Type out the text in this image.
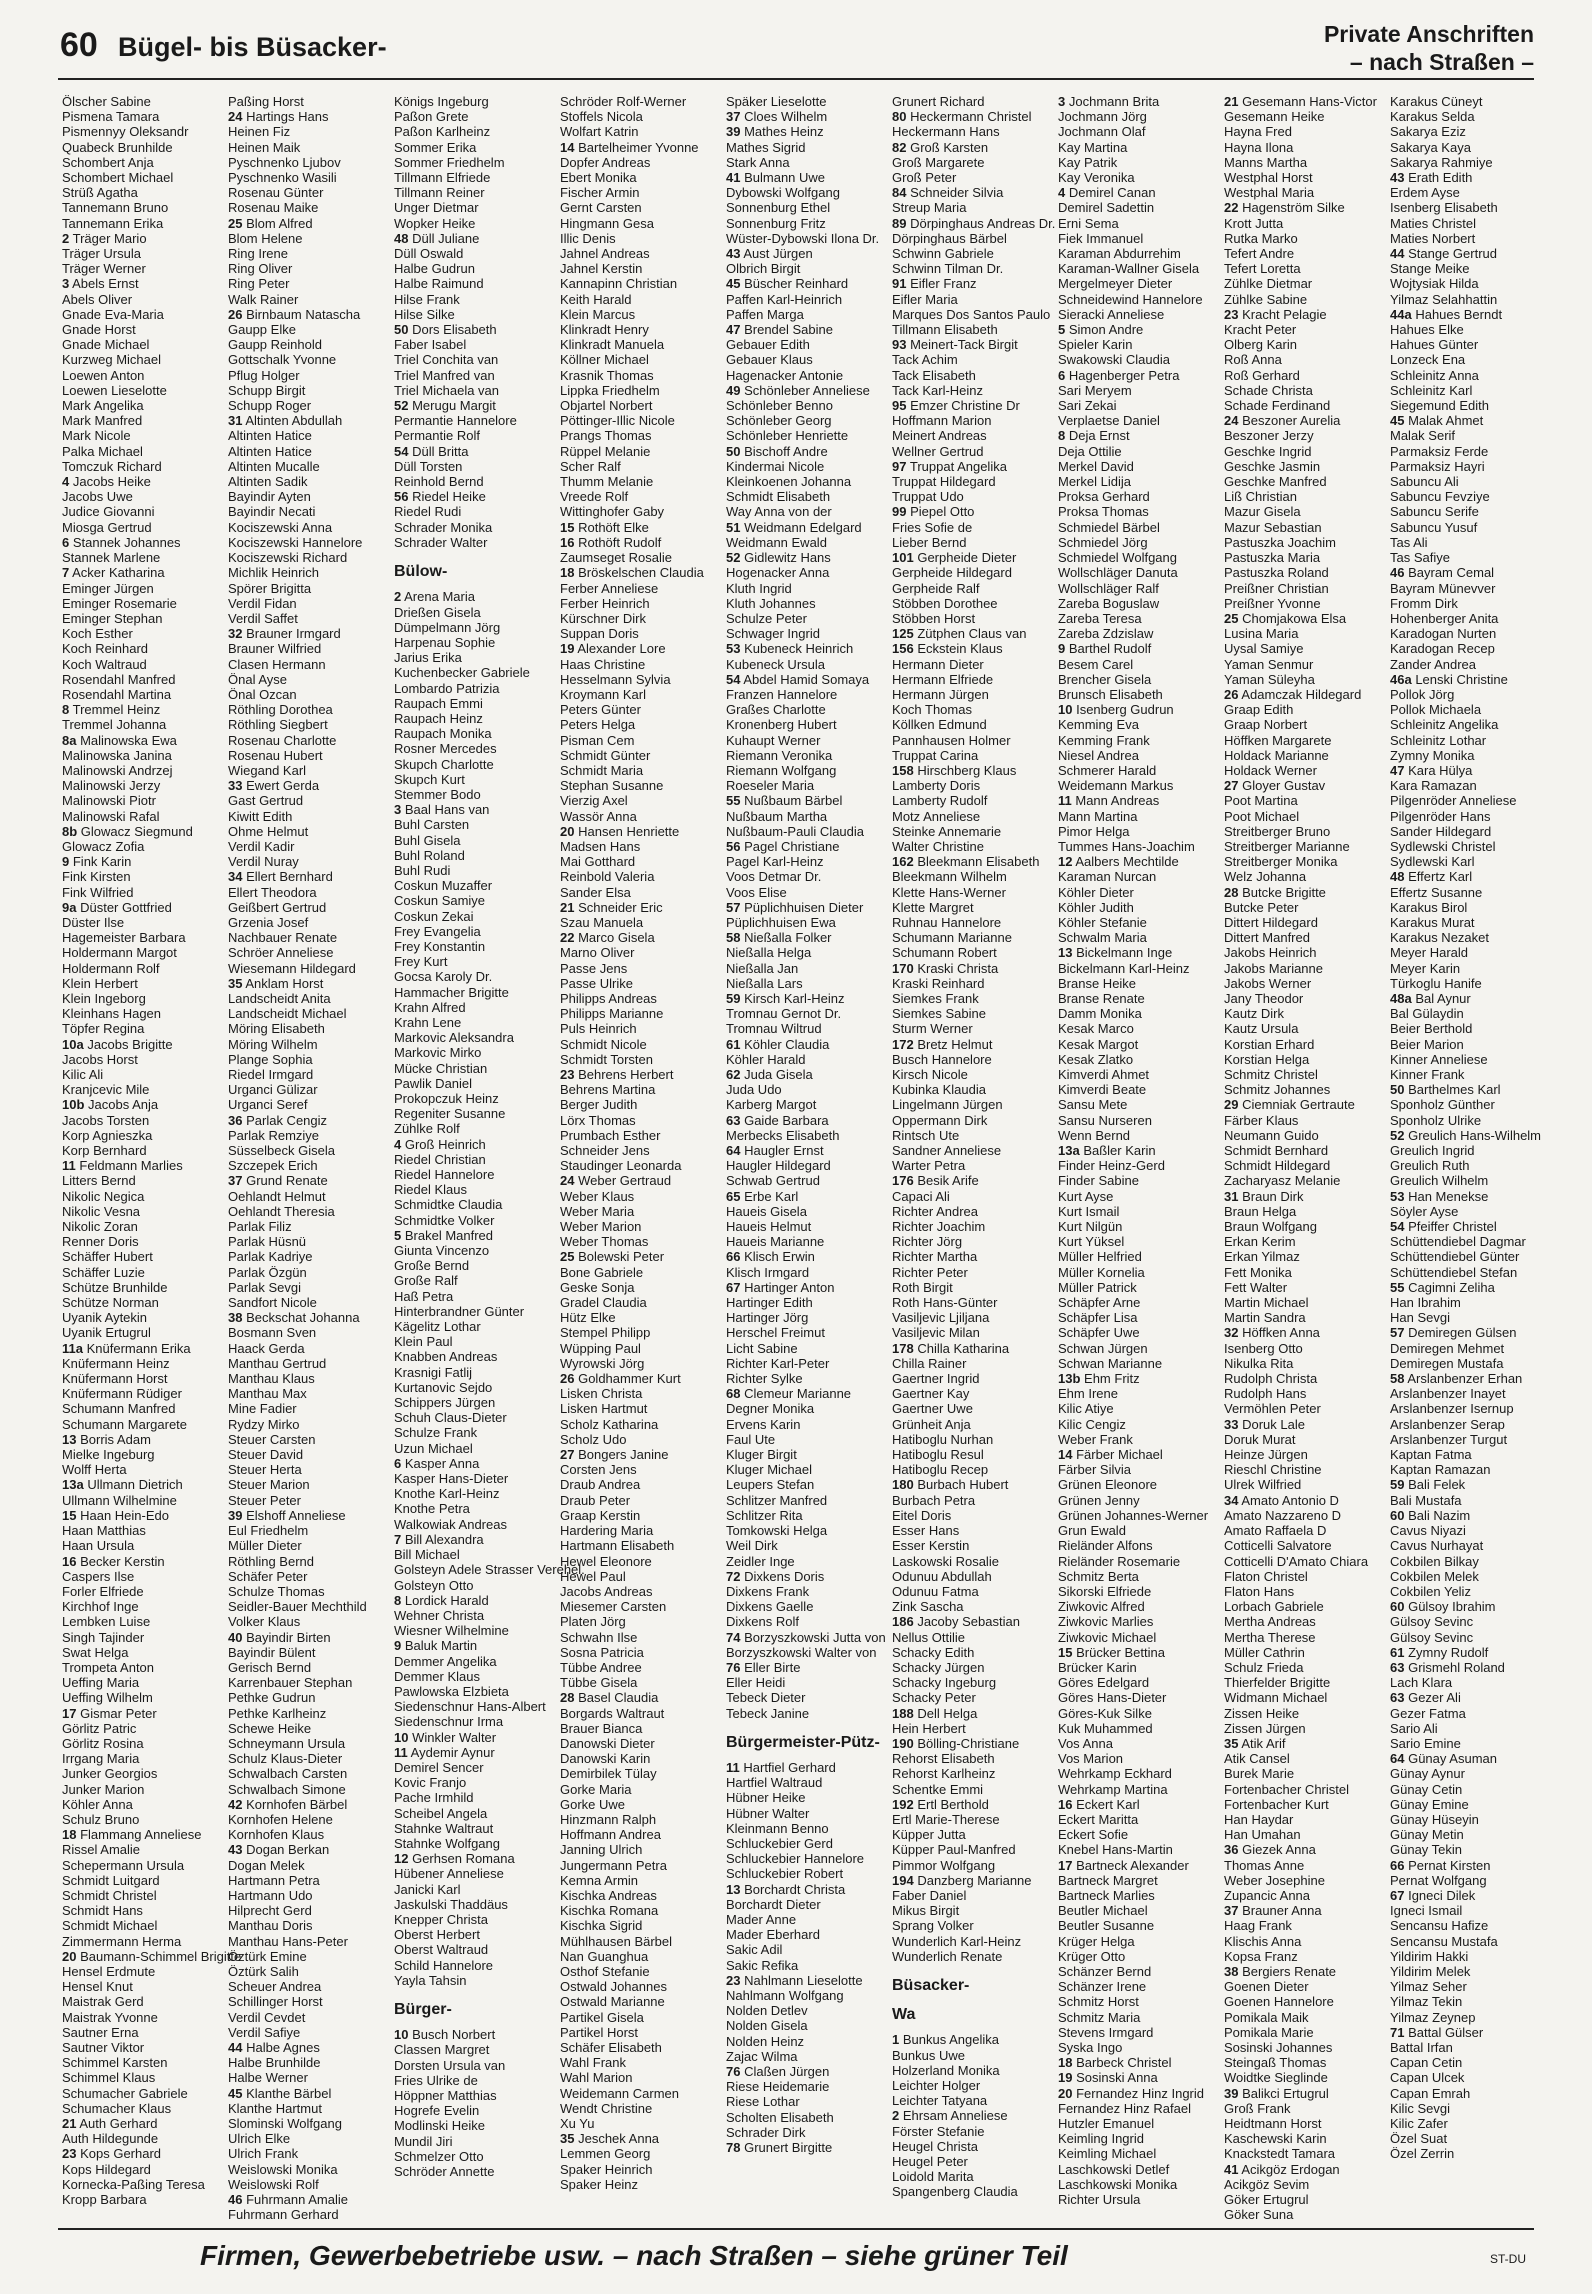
60 Bügel- bis Büsacker-	Private Anschriften
– nach Straßen –
Ölscher Sabine
Pismena Tamara
Pismennyy Oleksandr
Quabeck Brunhilde
Schombert Anja
Schombert Michael
Strüß Agatha
Tannemann Bruno
Tannemann Erika
2 Träger Mario
Träger Ursula
Träger Werner
3 Abels Ernst
Abels Oliver
Gnade Eva-Maria
Gnade Horst
Gnade Michael
Kurzweg Michael
Loewen Anton
Loewen Lieselotte
Mark Angelika
Mark Manfred
Mark Nicole
Palka Michael
Tomczuk Richard
4 Jacobs Heike
Jacobs Uwe
Judice Giovanni
Miosga Gertrud
6 Stannek Johannes
Stannek Marlene
7 Acker Katharina
Eminger Jürgen
Eminger Rosemarie
Eminger Stephan
Koch Esther
Koch Reinhard
Koch Waltraud
Rosendahl Manfred
Rosendahl Martina
8 Tremmel Heinz
Tremmel Johanna
8a Malinowska Ewa
Malinowska Janina
Malinowski Andrzej
Malinowski Jerzy
Malinowski Piotr
Malinowski Rafal
8b Glowacz Siegmund
Glowacz Zofia
9 Fink Karin
Fink Kirsten
Fink Wilfried
9a Düster Gottfried
Düster Ilse
Hagemeister Barbara
Holdermann Margot
Holdermann Rolf
Klein Herbert
Klein Ingeborg
Kleinhans Hagen
Töpfer Regina
10a Jacobs Brigitte
Jacobs Horst
Kilic Ali
Kranjcevic Mile
10b Jacobs Anja
Jacobs Torsten
Korp Agnieszka
Korp Bernhard
11 Feldmann Marlies
Litters Bernd
Nikolic Negica
Nikolic Vesna
Nikolic Zoran
Renner Doris
Schäffer Hubert
Schäffer Luzie
Schütze Brunhilde
Schütze Norman
Uyanik Aytekin
Uyanik Ertugrul
11a Knüfermann Erika
Knüfermann Heinz
Knüfermann Horst
Knüfermann Rüdiger
Schumann Manfred
Schumann Margarete
13 Borris Adam
Mielke Ingeburg
Wolff Herta
13a Ullmann Dietrich
Ullmann Wilhelmine
15 Haan Hein-Edo
Haan Matthias
Haan Ursula
16 Becker Kerstin
Caspers Ilse
Forler Elfriede
Kirchhof Inge
Lembken Luise
Singh Tajinder
Swat Helga
Trompeta Anton
Ueffing Maria
Ueffing Wilhelm
17 Gismar Peter
Görlitz Patric
Görlitz Rosina
Irrgang Maria
Junker Georgios
Junker Marion
Köhler Anna
Schulz Bruno
18 Flammang Anneliese
Rissel Amalie
Schepermann Ursula
Schmidt Luitgard
Schmidt Christel
Schmidt Hans
Schmidt Michael
Zimmermann Herma
20 Baumann-Schimmel Brigitte
Hensel Erdmute
Hensel Knut
Maistrak Gerd
Maistrak Yvonne
Sautner Erna
Sautner Viktor
Schimmel Karsten
Schimmel Klaus
Schumacher Gabriele
Schumacher Klaus
21 Auth Gerhard
Auth Hildegunde
23 Kops Gerhard
Kops Hildegard
Kornecka-Paßing Teresa
Kropp Barbara
Paßing Horst
24 Hartings Hans
Heinen Fiz
Heinen Maik
Pyschnenko Ljubov
Pyschnenko Wasili
Rosenau Günter
Rosenau Maike
25 Blom Alfred
Blom Helene
Ring Irene
Ring Oliver
Ring Peter
Walk Rainer
26 Birnbaum Natascha
Gaupp Elke
Gaupp Reinhold
Gottschalk Yvonne
Pflug Holger
Schupp Birgit
Schupp Roger
31 Altinten Abdullah
Altinten Hatice
Altinten Hatice
Altinten Mucalle
Altinten Sadik
Bayindir Ayten
Bayindir Necati
Kociszewski Anna
Kociszewski Hannelore
Kociszewski Richard
Michlik Heinrich
Spörer Brigitta
Verdil Fidan
Verdil Saffet
32 Brauner Irmgard
Brauner Wilfried
Clasen Hermann
Önal Ayse
Önal Ozcan
Röthling Dorothea
Röthling Siegbert
Rosenau Charlotte
Rosenau Hubert
Wiegand Karl
33 Ewert Gerda
Gast Gertrud
Kiwitt Edith
Ohme Helmut
Verdil Kadir
Verdil Nuray
34 Ellert Bernhard
Ellert Theodora
Geißbert Gertrud
Grzenia Josef
Nachbauer Renate
Schröer Anneliese
Wiesemann Hildegard
35 Anklam Horst
Landscheidt Anita
Landscheidt Michael
Möring Elisabeth
Möring Wilhelm
Plange Sophia
Riedel Irmgard
Urganci Gülizar
Urganci Seref
36 Parlak Cengiz
Parlak Remziye
Süsselbeck Gisela
Szczepek Erich
37 Grund Renate
Oehlandt Helmut
Oehlandt Theresia
Parlak Filiz
Parlak Hüsnü
Parlak Kadriye
Parlak Özgün
Parlak Sevgi
Sandfort Nicole
38 Beckschat Johanna
Bosmann Sven
Haack Gerda
Manthau Gertrud
Manthau Klaus
Manthau Max
Mine Fadier
Rydzy Mirko
Steuer Carsten
Steuer David
Steuer Herta
Steuer Marion
Steuer Peter
39 Elshoff Anneliese
Eul Friedhelm
Müller Dieter
Röthling Bernd
Schäfer Peter
Schulze Thomas
Seidler-Bauer Mechthild
Volker Klaus
40 Bayindir Birten
Bayindir Bülent
Gerisch Bernd
Karrenbauer Stephan
Pethke Gudrun
Pethke Karlheinz
Schewe Heike
Schneymann Ursula
Schulz Klaus-Dieter
Schwalbach Carsten
Schwalbach Simone
42 Kornhofen Bärbel
Kornhofen Helene
Kornhofen Klaus
43 Dogan Berkan
Dogan Melek
Hartmann Petra
Hartmann Udo
Hilprecht Gerd
Manthau Doris
Manthau Hans-Peter
Öztürk Emine
Öztürk Salih
Scheuer Andrea
Schillinger Horst
Verdil Cevdet
Verdil Safiye
44 Halbe Agnes
Halbe Brunhilde
Halbe Werner
45 Klanthe Bärbel
Klanthe Hartmut
Slominski Wolfgang
Ulrich Elke
Ulrich Frank
Weislowski Monika
Weislowski Rolf
46 Fuhrmann Amalie
Fuhrmann Gerhard
Königs Ingeburg
Paßon Grete
Paßon Karlheinz
Sommer Erika
Sommer Friedhelm
Tillmann Elfriede
Tillmann Reiner
Unger Dietmar
Wopker Heike
48 Düll Juliane
Düll Oswald
Halbe Gudrun
Halbe Raimund
Hilse Frank
Hilse Silke
50 Dors Elisabeth
Faber Isabel
Triel Conchita van
Triel Manfred van
Triel Michaela van
52 Merugu Margit
Permantie Hannelore
Permantie Rolf
54 Düll Britta
Düll Torsten
Reinhold Bernd
56 Riedel Heike
Riedel Rudi
Schrader Monika
Schrader Walter
Bülow-
2 Arena Maria
Drießen Gisela
Dümpelmann Jörg
Harpenau Sophie
Jarius Erika
Kuchenbecker Gabriele
Lombardo Patrizia
Raupach Emmi
Raupach Heinz
Raupach Monika
Rosner Mercedes
Skupch Charlotte
Skupch Kurt
Stemmer Bodo
3 Baal Hans van
Buhl Carsten
Buhl Gisela
Buhl Roland
Buhl Rudi
Coskun Muzaffer
Coskun Samiye
Coskun Zekai
Frey Evangelia
Frey Konstantin
Frey Kurt
Gocsa Karoly Dr.
Hammacher Brigitte
Krahn Alfred
Krahn Lene
Markovic Aleksandra
Markovic Mirko
Mücke Christian
Pawlik Daniel
Prokopczuk Heinz
Regeniter Susanne
Zühlke Rolf
4 Groß Heinrich
Riedel Christian
Riedel Hannelore
Riedel Klaus
Schmidtke Claudia
Schmidtke Volker
5 Brakel Manfred
Giunta Vincenzo
Große Bernd
Große Ralf
Haß Petra
Hinterbrandner Günter
Kägelitz Lothar
Klein Paul
Knabben Andreas
Krasnigi Fatlij
Kurtanovic Sejdo
Schippers Jürgen
Schuh Claus-Dieter
Schulze Frank
Uzun Michael
6 Kasper Anna
Kasper Hans-Dieter
Knothe Karl-Heinz
Knothe Petra
Walkowiak Andreas
7 Bill Alexandra
Bill Michael
Golsteyn Adele Strasser Verehel.
Golsteyn Otto
8 Lordick Harald
Wehner Christa
Wiesner Wilhelmine
9 Baluk Martin
Demmer Angelika
Demmer Klaus
Pawlowska Elzbieta
Siedenschnur Hans-Albert
Siedenschnur Irma
10 Winkler Walter
11 Aydemir Aynur
Demirel Sencer
Kovic Franjo
Pache Irmhild
Scheibel Angela
Stahnke Waltraut
Stahnke Wolfgang
12 Gerhsen Romana
Hübener Anneliese
Janicki Karl
Jaskulski Thaddäus
Knepper Christa
Oberst Herbert
Oberst Waltraud
Schild Hannelore
Yayla Tahsin
Bürger-
10 Busch Norbert
Classen Margret
Dorsten Ursula van
Fries Ulrike de
Höppner Matthias
Hogrefe Evelin
Modlinski Heike
Mundil Jiri
Schmelzer Otto
Schröder Annette
Schröder Rolf-Werner
Stoffels Nicola
Wolfart Katrin
14 Bartelheimer Yvonne
Dopfer Andreas
Ebert Monika
Fischer Armin
Gernt Carsten
Hingmann Gesa
Illic Denis
Jahnel Andreas
Jahnel Kerstin
Kannapinn Christian
Keith Harald
Klein Marcus
Klinkradt Henry
Klinkradt Manuela
Köllner Michael
Krasnik Thomas
Lippka Friedhelm
Objartel Norbert
Pöttinger-Illic Nicole
Prangs Thomas
Rüppel Melanie
Scher Ralf
Thumm Melanie
Vreede Rolf
Wittinghofer Gaby
15 Rothöft Elke
16 Rothöft Rudolf
Zaumseget Rosalie
18 Bröskelschen Claudia
Ferber Anneliese
Ferber Heinrich
Kürschner Dirk
Suppan Doris
19 Alexander Lore
Haas Christine
Hesselmann Sylvia
Kroymann Karl
Peters Günter
Peters Helga
Pisman Cem
Schmidt Günter
Schmidt Maria
Stephan Susanne
Vierzig Axel
Wassör Anna
20 Hansen Henriette
Madsen Hans
Mai Gotthard
Reinbold Valeria
Sander Elsa
21 Schneider Eric
Szau Manuela
22 Marco Gisela
Marno Oliver
Passe Jens
Passe Ulrike
Philipps Andreas
Philipps Marianne
Puls Heinrich
Schmidt Nicole
Schmidt Torsten
23 Behrens Herbert
Behrens Martina
Berger Judith
Lörx Thomas
Prumbach Esther
Schneider Jens
Staudinger Leonarda
24 Weber Gertraud
Weber Klaus
Weber Maria
Weber Marion
Weber Thomas
25 Bolewski Peter
Bone Gabriele
Geske Sonja
Gradel Claudia
Hütz Elke
Stempel Philipp
Wüpping Paul
Wyrowski Jörg
26 Goldhammer Kurt
Lisken Christa
Lisken Hartmut
Scholz Katharina
Scholz Udo
27 Bongers Janine
Corsten Jens
Draub Andrea
Draub Peter
Graap Kerstin
Hardering Maria
Hartmann Elisabeth
Hewel Eleonore
Hewel Paul
Jacobs Andreas
Miesemer Carsten
Platen Jörg
Schwahn Ilse
Sosna Patricia
Tübbe Andree
Tübbe Gisela
28 Basel Claudia
Borgards Waltraut
Brauer Bianca
Danowski Dieter
Danowski Karin
Demirbilek Tülay
Gorke Maria
Gorke Uwe
Hinzmann Ralph
Hoffmann Andrea
Janning Ulrich
Jungermann Petra
Kemna Armin
Kischka Andreas
Kischka Romana
Kischka Sigrid
Mühlhausen Bärbel
Nan Guanghua
Osthof Stefanie
Ostwald Johannes
Ostwald Marianne
Partikel Gisela
Partikel Horst
Schäfer Elisabeth
Wahl Frank
Wahl Marion
Weidemann Carmen
Wendt Christine
Xu Yu
35 Jeschek Anna
Lemmen Georg
Spaker Heinrich
Spaker Heinz
Späker Lieselotte
37 Cloes Wilhelm
39 Mathes Heinz
Mathes Sigrid
Stark Anna
41 Bulmann Uwe
Dybowski Wolfgang
Sonnenburg Ethel
Sonnenburg Fritz
Wüster-Dybowski Ilona Dr.
43 Aust Jürgen
Olbrich Birgit
45 Büscher Reinhard
Paffen Karl-Heinrich
Paffen Marga
47 Brendel Sabine
Gebauer Edith
Gebauer Klaus
Hagenacker Antonie
49 Schönleber Anneliese
Schönleber Benno
Schönleber Georg
Schönleber Henriette
50 Bischoff Andre
Kindermai Nicole
Kleinkoenen Johanna
Schmidt Elisabeth
Way Anna von der
51 Weidmann Edelgard
Weidmann Ewald
52 Gidlewitz Hans
Hogenacker Anna
Kluth Ingrid
Kluth Johannes
Schulze Peter
Schwager Ingrid
53 Kubeneck Heinrich
Kubeneck Ursula
54 Abdel Hamid Somaya
Franzen Hannelore
Graßes Charlotte
Kronenberg Hubert
Kuhaupt Werner
Riemann Veronika
Riemann Wolfgang
Roeseler Maria
55 Nußbaum Bärbel
Nußbaum Martha
Nußbaum-Pauli Claudia
56 Pagel Christiane
Pagel Karl-Heinz
Voos Detmar Dr.
Voos Elise
57 Püplichhuisen Dieter
Püplichhuisen Ewa
58 Nießalla Folker
Nießalla Helga
Nießalla Jan
Nießalla Lars
59 Kirsch Karl-Heinz
Tromnau Gernot Dr.
Tromnau Wiltrud
61 Köhler Claudia
Köhler Harald
62 Juda Gisela
Juda Udo
Karberg Margot
63 Gaide Barbara
Merbecks Elisabeth
64 Haugler Ernst
Haugler Hildegard
Schwab Gertrud
65 Erbe Karl
Haueis Gisela
Haueis Helmut
Haueis Marianne
66 Klisch Erwin
Klisch Irmgard
67 Hartinger Anton
Hartinger Edith
Hartinger Jörg
Herschel Freimut
Licht Sabine
Richter Karl-Peter
Richter Sylke
68 Clemeur Marianne
Degner Monika
Ervens Karin
Faul Ute
Kluger Birgit
Kluger Michael
Leupers Stefan
Schlitzer Manfred
Schlitzer Rita
Tomkowski Helga
Weil Dirk
Zeidler Inge
72 Dixkens Doris
Dixkens Frank
Dixkens Gaelle
Dixkens Rolf
74 Borzyszkowski Jutta von
Borzyszkowski Walter von
76 Eller Birte
Eller Heidi
Tebeck Dieter
Tebeck Janine
Bürgermeister-Pütz-
11 Hartfiel Gerhard
Hartfiel Waltraud
Hübner Heike
Hübner Walter
Kleinmann Benno
Schluckebier Gerd
Schluckebier Hannelore
Schluckebier Robert
13 Borchardt Christa
Borchardt Dieter
Mader Anne
Mader Eberhard
Sakic Adil
Sakic Refika
23 Nahlmann Lieselotte
Nahlmann Wolfgang
Nolden Detlev
Nolden Gisela
Nolden Heinz
Zajac Wilma
76 Claßen Jürgen
Riese Heidemarie
Riese Lothar
Scholten Elisabeth
Schrader Dirk
78 Grunert Birgitte
Grunert Richard
80 Heckermann Christel
Heckermann Hans
82 Groß Karsten
Groß Margarete
Groß Peter
84 Schneider Silvia
Streup Maria
89 Dörpinghaus Andreas Dr.
Dörpinghaus Bärbel
Schwinn Gabriele
Schwinn Tilman Dr.
91 Eifler Franz
Eifler Maria
Marques Dos Santos Paulo
Tillmann Elisabeth
93 Meinert-Tack Birgit
Tack Achim
Tack Elisabeth
Tack Karl-Heinz
95 Emzer Christine Dr
Hoffmann Marion
Meinert Andreas
Wellner Gertrud
97 Truppat Angelika
Truppat Hildegard
Truppat Udo
99 Piepel Otto
Fries Sofie de
Lieber Bernd
101 Gerpheide Dieter
Gerpheide Hildegard
Gerpheide Ralf
Stöbben Dorothee
Stöbben Horst
125 Zütphen Claus van
156 Eckstein Klaus
Hermann Dieter
Hermann Elfriede
Hermann Jürgen
Koch Thomas
Köllken Edmund
Pannhausen Holmer
Truppat Carina
158 Hirschberg Klaus
Lamberty Doris
Lamberty Rudolf
Motz Anneliese
Steinke Annemarie
Walter Christine
162 Bleekmann Elisabeth
Bleekmann Wilhelm
Klette Hans-Werner
Klette Margret
Ruhnau Hannelore
Schumann Marianne
Schumann Robert
170 Kraski Christa
Kraski Reinhard
Siemkes Frank
Siemkes Sabine
Sturm Werner
172 Bretz Helmut
Busch Hannelore
Kirsch Nicole
Kubinka Klaudia
Lingelmann Jürgen
Oppermann Dirk
Rintsch Ute
Sandner Anneliese
Warter Petra
176 Besik Arife
Capaci Ali
Richter Andrea
Richter Joachim
Richter Jörg
Richter Martha
Richter Peter
Roth Birgit
Roth Hans-Günter
Vasiljevic Ljiljana
Vasiljevic Milan
178 Chilla Katharina
Chilla Rainer
Gaertner Ingrid
Gaertner Kay
Gaertner Uwe
Grünheit Anja
Hatiboglu Nurhan
Hatiboglu Resul
Hatiboglu Recep
180 Burbach Hubert
Burbach Petra
Eitel Doris
Esser Hans
Esser Kerstin
Laskowski Rosalie
Odunuu Abdullah
Odunuu Fatma
Zink Sascha
186 Jacoby Sebastian
Nellus Ottilie
Schacky Edith
Schacky Jürgen
Schacky Ingeburg
Schacky Peter
188 Dell Helga
Hein Herbert
190 Bölling-Christiane
Rehorst Elisabeth
Rehorst Karlheinz
Schentke Emmi
192 Ertl Berthold
Ertl Marie-Therese
Küpper Jutta
Küpper Paul-Manfred
Pimmor Wolfgang
194 Danzberg Marianne
Faber Daniel
Mikus Birgit
Sprang Volker
Wunderlich Karl-Heinz
Wunderlich Renate
Büsacker-
Wa
1 Bunkus Angelika
Bunkus Uwe
Holzerland Monika
Leichter Holger
Leichter Tatyana
2 Ehrsam Anneliese
Förster Stefanie
Heugel Christa
Heugel Peter
Loidold Marita
Spangenberg Claudia
3 Jochmann Brita
Jochmann Jörg
Jochmann Olaf
Kay Martina
Kay Patrik
Kay Veronika
4 Demirel Canan
Demirel Sadettin
Erni Sema
Fiek Immanuel
Karaman Abdurrehim
Karaman-Wallner Gisela
Mergelmeyer Dieter
Schneidewind Hannelore
Sieracki Anneliese
5 Simon Andre
Spieler Karin
Swakowski Claudia
6 Hagenberger Petra
Sari Meryem
Sari Zekai
Verplaetse Daniel
8 Deja Ernst
Deja Ottilie
Merkel David
Merkel Lidija
Proksa Gerhard
Proksa Thomas
Schmiedel Bärbel
Schmiedel Jörg
Schmiedel Wolfgang
Wollschläger Danuta
Wollschläger Ralf
Zareba Boguslaw
Zareba Teresa
Zareba Zdzislaw
9 Barthel Rudolf
Besem Carel
Brencher Gisela
Brunsch Elisabeth
10 Isenberg Gudrun
Kemming Eva
Kemming Frank
Niesel Andrea
Schmerer Harald
Weidemann Markus
11 Mann Andreas
Mann Martina
Pimor Helga
Tummes Hans-Joachim
12 Aalbers Mechtilde
Karaman Nurcan
Köhler Dieter
Köhler Judith
Köhler Stefanie
Schwalm Maria
13 Bickelmann Inge
Bickelmann Karl-Heinz
Branse Heike
Branse Renate
Damm Monika
Kesak Marco
Kesak Margot
Kesak Zlatko
Kimverdi Ahmet
Kimverdi Beate
Sansu Mete
Sansu Nurseren
Wenn Bernd
13a Baßler Karin
Finder Heinz-Gerd
Finder Sabine
Kurt Ayse
Kurt Ismail
Kurt Nilgün
Kurt Yüksel
Müller Helfried
Müller Kornelia
Müller Patrick
Schäpfer Arne
Schäpfer Lisa
Schäpfer Uwe
Schwan Jürgen
Schwan Marianne
13b Ehm Fritz
Ehm Irene
Kilic Atiye
Kilic Cengiz
Weber Frank
14 Färber Michael
Färber Silvia
Grünen Eleonore
Grünen Jenny
Grünen Johannes-Werner
Grun Ewald
Rieländer Alfons
Rieländer Rosemarie
Schmitz Berta
Sikorski Elfriede
Ziwkovic Alfred
Ziwkovic Marlies
Ziwkovic Michael
15 Brücker Bettina
Brücker Karin
Göres Edelgard
Göres Hans-Dieter
Göres-Kuk Silke
Kuk Muhammed
Vos Anna
Vos Marion
Wehrkamp Eckhard
Wehrkamp Martina
16 Eckert Karl
Eckert Maritta
Eckert Sofie
Knebel Hans-Martin
17 Bartneck Alexander
Bartneck Margret
Bartneck Marlies
Beutler Michael
Beutler Susanne
Krüger Helga
Krüger Otto
Schänzer Bernd
Schänzer Irene
Schmitz Horst
Schmitz Maria
Stevens Irmgard
Syska Ingo
18 Barbeck Christel
19 Sosinski Anna
20 Fernandez Hinz Ingrid
Fernandez Hinz Rafael
Hutzler Emanuel
Keimling Ingrid
Keimling Michael
Laschkowski Detlef
Laschkowski Monika
Richter Ursula
21 Gesemann Hans-Victor
Gesemann Heike
Hayna Fred
Hayna Ilona
Manns Martha
Westphal Horst
Westphal Maria
22 Hagenström Silke
Krott Jutta
Rutka Marko
Tefert Andre
Tefert Loretta
Zühlke Dietmar
Zühlke Sabine
23 Kracht Pelagie
Kracht Peter
Olberg Karin
Roß Anna
Roß Gerhard
Schade Christa
Schade Ferdinand
24 Beszoner Aurelia
Beszoner Jerzy
Geschke Ingrid
Geschke Jasmin
Geschke Manfred
Liß Christian
Mazur Gisela
Mazur Sebastian
Pastuszka Joachim
Pastuszka Maria
Pastuszka Roland
Preißner Christian
Preißner Yvonne
25 Chomjakowa Elsa
Lusina Maria
Uysal Samiye
Yaman Senmur
Yaman Süleyha
26 Adamczak Hildegard
Graap Edith
Graap Norbert
Höffken Margarete
Holdack Marianne
Holdack Werner
27 Gloyer Gustav
Poot Martina
Poot Michael
Streitberger Bruno
Streitberger Marianne
Streitberger Monika
Welz Johanna
28 Butcke Brigitte
Butcke Peter
Dittert Hildegard
Dittert Manfred
Jakobs Heinrich
Jakobs Marianne
Jakobs Werner
Jany Theodor
Kautz Dirk
Kautz Ursula
Korstian Erhard
Korstian Helga
Schmitz Christel
Schmitz Johannes
29 Ciemniak Gertraute
Färber Klaus
Neumann Guido
Schmidt Bernhard
Schmidt Hildegard
Zacharyasz Melanie
31 Braun Dirk
Braun Helga
Braun Wolfgang
Erkan Kerim
Erkan Yilmaz
Fett Monika
Fett Walter
Martin Michael
Martin Sandra
32 Höffken Anna
Isenberg Otto
Nikulka Rita
Rudolph Christa
Rudolph Hans
Vermöhlen Peter
33 Doruk Lale
Doruk Murat
Heinze Jürgen
Rieschl Christine
Ulrek Wilfried
34 Amato Antonio D
Amato Nazzareno D
Amato Raffaela D
Cotticelli Salvatore
Cotticelli D'Amato Chiara
Flaton Christel
Flaton Hans
Lorbach Gabriele
Mertha Andreas
Mertha Therese
Müller Cathrin
Schulz Frieda
Thierfelder Brigitte
Widmann Michael
Zissen Heike
Zissen Jürgen
35 Atik Arif
Atik Cansel
Burek Marie
Fortenbacher Christel
Fortenbacher Kurt
Han Haydar
Han Umahan
36 Giezek Anna
Thomas Anne
Weber Josephine
Zupancic Anna
37 Brauner Anna
Haag Frank
Klischis Anna
Kopsa Franz
38 Bergiers Renate
Goenen Dieter
Goenen Hannelore
Pomikala Maik
Pomikala Marie
Sosinski Johannes
Steingaß Thomas
Woidtke Sieglinde
39 Balikci Ertugrul
Groß Frank
Heidtmann Horst
Kaschewski Karin
Knackstedt Tamara
41 Acikgöz Erdogan
Acikgöz Sevim
Göker Ertugrul
Göker Suna
Karakus Cüneyt
Karakus Selda
Sakarya Eziz
Sakarya Kaya
Sakarya Rahmiye
43 Erath Edith
Erdem Ayse
Isenberg Elisabeth
Maties Christel
Maties Norbert
44 Stange Gertrud
Stange Meike
Wojtysiak Hilda
Yilmaz Selahhattin
44a Hahues Berndt
Hahues Elke
Hahues Günter
Lonzeck Ena
Schleinitz Anna
Schleinitz Karl
Siegemund Edith
45 Malak Ahmet
Malak Serif
Parmaksiz Ferde
Parmaksiz Hayri
Sabuncu Ali
Sabuncu Fevziye
Sabuncu Serife
Sabuncu Yusuf
Tas Ali
Tas Safiye
46 Bayram Cemal
Bayram Münevver
Fromm Dirk
Hohenberger Anita
Karadogan Nurten
Karadogan Recep
Zander Andrea
46a Lenski Christine
Pollok Jörg
Pollok Michaela
Schleinitz Angelika
Schleinitz Lothar
Zymny Monika
47 Kara Hülya
Kara Ramazan
Pilgenröder Anneliese
Pilgenröder Hans
Sander Hildegard
Sydlewski Christel
Sydlewski Karl
48 Effertz Karl
Effertz Susanne
Karakus Birol
Karakus Murat
Karakus Nezaket
Meyer Harald
Meyer Karin
Türkoglu Hanife
48a Bal Aynur
Bal Gülaydin
Beier Berthold
Beier Marion
Kinner Anneliese
Kinner Frank
50 Barthelmes Karl
Sponholz Günther
Sponholz Ulrike
52 Greulich Hans-Wilhelm
Greulich Ingrid
Greulich Ruth
Greulich Wilhelm
53 Han Menekse
Söyler Ayse
54 Pfeiffer Christel
Schüttendiebel Dagmar
Schüttendiebel Günter
Schüttendiebel Stefan
55 Cagimni Zeliha
Han Ibrahim
Han Sevgi
57 Demiregen Gülsen
Demiregen Mehmet
Demiregen Mustafa
58 Arslanbenzer Erhan
Arslanbenzer Inayet
Arslanbenzer Isernup
Arslanbenzer Serap
Arslanbenzer Turgut
Kaptan Fatma
Kaptan Ramazan
59 Bali Felek
Bali Mustafa
60 Bali Nazim
Cavus Niyazi
Cavus Nurhayat
Cokbilen Bilkay
Cokbilen Melek
Cokbilen Yeliz
60 Gülsoy Ibrahim
Gülsoy Sevinc
Gülsoy Sevinc
61 Zymny Rudolf
63 Grismehl Roland
Lach Klara
63 Gezer Ali
Gezer Fatma
Sario Ali
Sario Emine
64 Günay Asuman
Günay Aynur
Günay Cetin
Günay Emine
Günay Hüseyin
Günay Metin
Günay Tekin
66 Pernat Kirsten
Pernat Wolfgang
67 Igneci Dilek
Igneci Ismail
Sencansu Hafize
Sencansu Mustafa
Yildirim Hakki
Yildirim Melek
Yilmaz Seher
Yilmaz Tekin
Yilmaz Zeynep
71 Battal Gülser
Battal Irfan
Capan Cetin
Capan Ulcek
Capan Emrah
Kilic Sevgi
Kilic Zafer
Özel Suat
Özel Zerrin
Firmen, Gewerbebetriebe usw. – nach Straßen – siehe grüner Teil	ST-DU
